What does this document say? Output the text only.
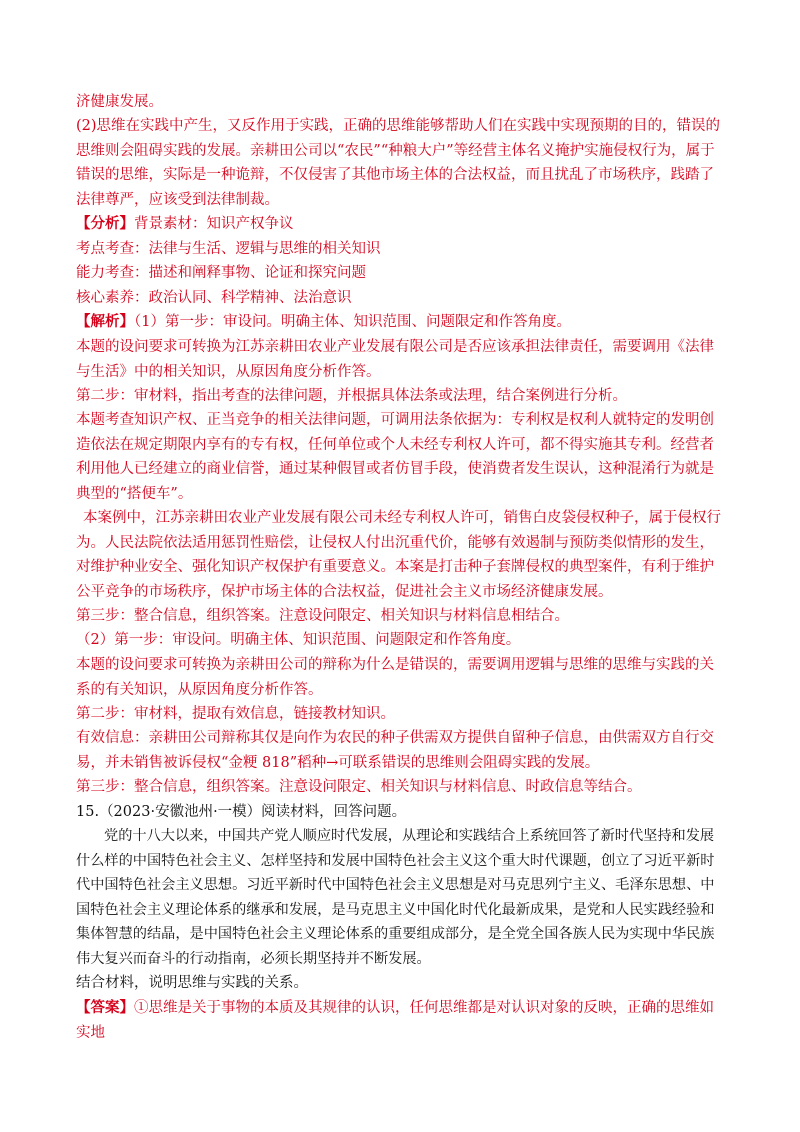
济健康发展。

(2)思维在实践中产生，又反作用于实践，正确的思维能够帮助人们在实践中实现预期的目的，错误的思维则会阻碍实践的发展。亲耕田公司以“农民”“种粮大户”等经营主体名义掩护实施侵权行为，属于错误的思维，实际是一种诡辩，不仅侵害了其他市场主体的合法权益，而且扰乱了市场秩序，践踏了法律尊严，应该受到法律制裁。

【分析】背景素材：知识产权争议

考点考查：法律与生活、逻辑与思维的相关知识

能力考查：描述和阐释事物、论证和探究问题

核心素养：政治认同、科学精神、法治意识

【解析】（1）第一步：审设问。明确主体、知识范围、问题限定和作答角度。

本题的设问要求可转换为江苏亲耕田农业产业发展有限公司是否应该承担法律责任，需要调用《法律与生活》中的相关知识，从原因角度分析作答。

第二步：审材料，指出考查的法律问题，并根据具体法条或法理，结合案例进行分析。

本题考查知识产权、正当竞争的相关法律问题，可调用法条依据为：专利权是权利人就特定的发明创造依法在规定期限内享有的专有权，任何单位或个人未经专利权人许可，都不得实施其专利。经营者利用他人已经建立的商业信誉，通过某种假冒或者仿冒手段，使消费者发生误认，这种混淆行为就是典型的“搭便车”。

本案例中，江苏亲耕田农业产业发展有限公司未经专利权人许可，销售白皮袋侵权种子，属于侵权行为。人民法院依法适用惩罚性赔偿，让侵权人付出沉重代价，能够有效遏制与预防类似情形的发生，对维护种业安全、强化知识产权保护有重要意义。本案是打击种子套牌侵权的典型案件，有利于维护公平竞争的市场秩序，保护市场主体的合法权益，促进社会主义市场经济健康发展。

第三步：整合信息，组织答案。注意设问限定、相关知识与材料信息相结合。

（2）第一步：审设问。明确主体、知识范围、问题限定和作答角度。

本题的设问要求可转换为亲耕田公司的辩称为什么是错误的，需要调用逻辑与思维的思维与实践的关系的有关知识，从原因角度分析作答。

第二步：审材料，提取有效信息，链接教材知识。

有效信息：亲耕田公司辩称其仅是向作为农民的种子供需双方提供自留种子信息，由供需双方自行交易，并未销售被诉侵权“金粳 818”稻种→可联系错误的思维则会阻碍实践的发展。

第三步：整合信息，组织答案。注意设问限定、相关知识与材料信息、时政信息等结合。

15.（2023·安徽池州·一模）阅读材料，回答问题。

党的十八大以来，中国共产党人顺应时代发展，从理论和实践结合上系统回答了新时代坚持和发展什么样的中国特色社会主义、怎样坚持和发展中国特色社会主义这个重大时代课题，创立了习近平新时代中国特色社会主义思想。习近平新时代中国特色社会主义思想是对马克思列宁主义、毛泽东思想、中国特色社会主义理论体系的继承和发展，是马克思主义中国化时代化最新成果，是党和人民实践经验和集体智慧的结晶，是中国特色社会主义理论体系的重要组成部分，是全党全国各族人民为实现中华民族伟大复兴而奋斗的行动指南，必须长期坚持并不断发展。

结合材料，说明思维与实践的关系。

【答案】①思维是关于事物的本质及其规律的认识，任何思维都是对认识对象的反映，正确的思维如实地
